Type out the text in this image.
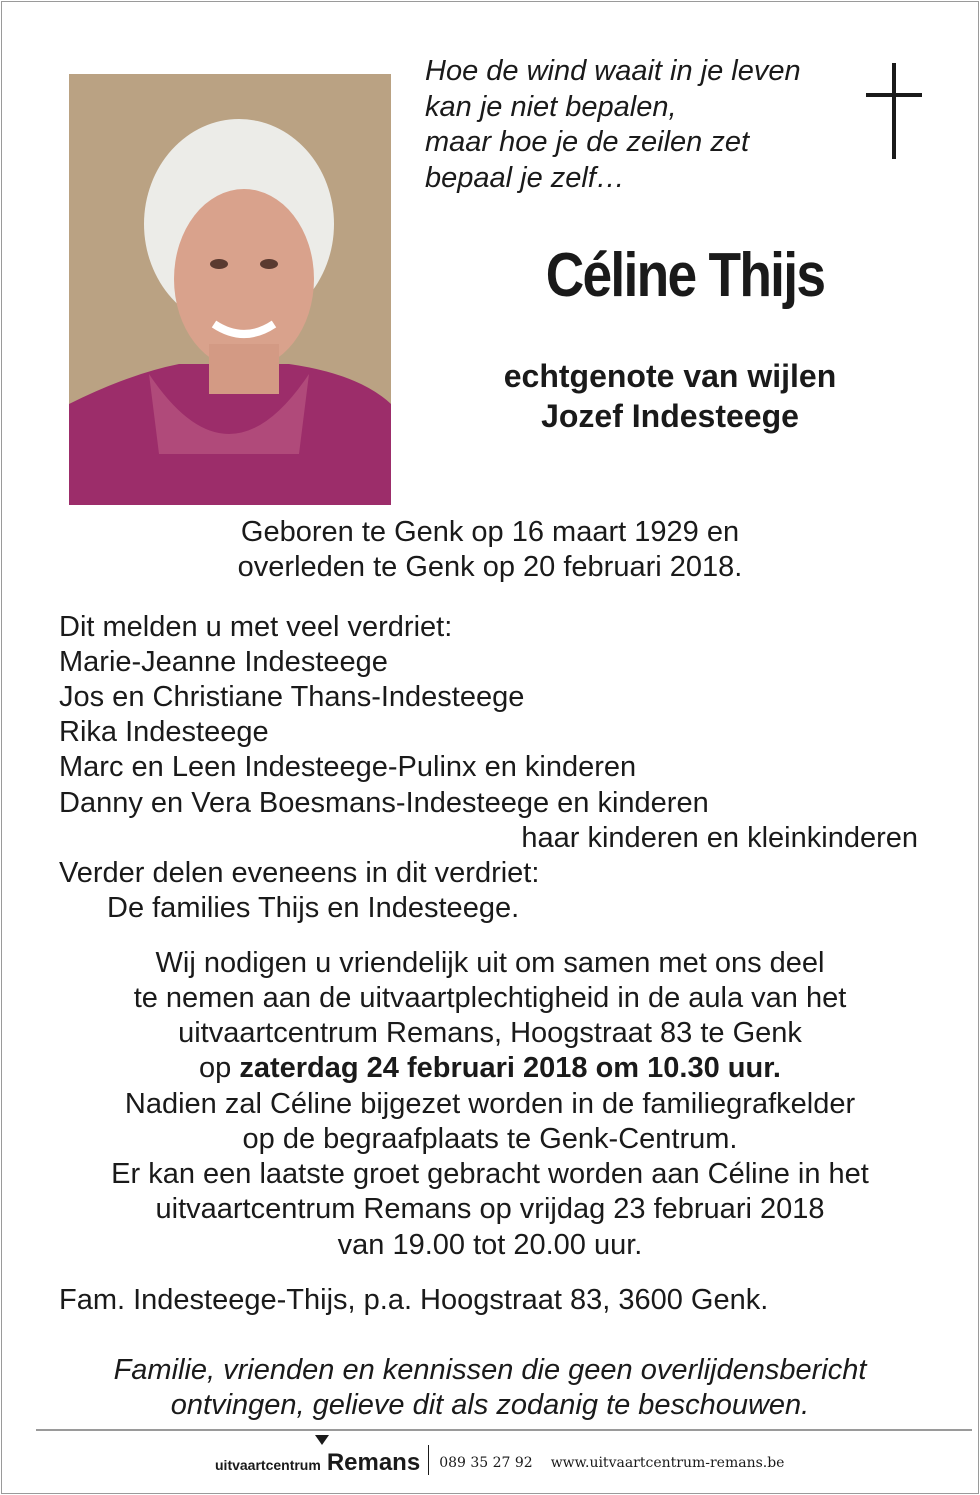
Hoe de wind waait in je leven
kan je niet bepalen,
maar hoe je de zeilen zet
bepaal je zelf…
Céline Thijs
echtgenote van wijlen
Jozef Indesteege
Geboren te Genk op 16 maart 1929 en
overleden te Genk op 20 februari 2018.
Dit melden u met veel verdriet:
Marie-Jeanne Indesteege
Jos en Christiane Thans-Indesteege
Rika Indesteege
Marc en Leen Indesteege-Pulinx en kinderen
Danny en Vera Boesmans-Indesteege en kinderen
haar kinderen en kleinkinderen
Verder delen eveneens in dit verdriet:
De families Thijs en Indesteege.
Wij nodigen u vriendelijk uit om samen met ons deel
te nemen aan de uitvaartplechtigheid in de aula van het
uitvaartcentrum Remans, Hoogstraat 83 te Genk
op zaterdag 24 februari 2018 om 10.30 uur.
Nadien zal Céline bijgezet worden in de familiegrafkelder
op de begraafplaats te Genk-Centrum.
Er kan een laatste groet gebracht worden aan Céline in het
uitvaartcentrum Remans op vrijdag 23 februari 2018
van 19.00 tot 20.00 uur.
Fam. Indesteege-Thijs, p.a. Hoogstraat 83, 3600 Genk.
Familie, vrienden en kennissen die geen overlijdensbericht
ontvingen, gelieve dit als zodanig te beschouwen.
uitvaartcentrum Remans 089 35 27 92 www.uitvaartcentrum-remans.be
